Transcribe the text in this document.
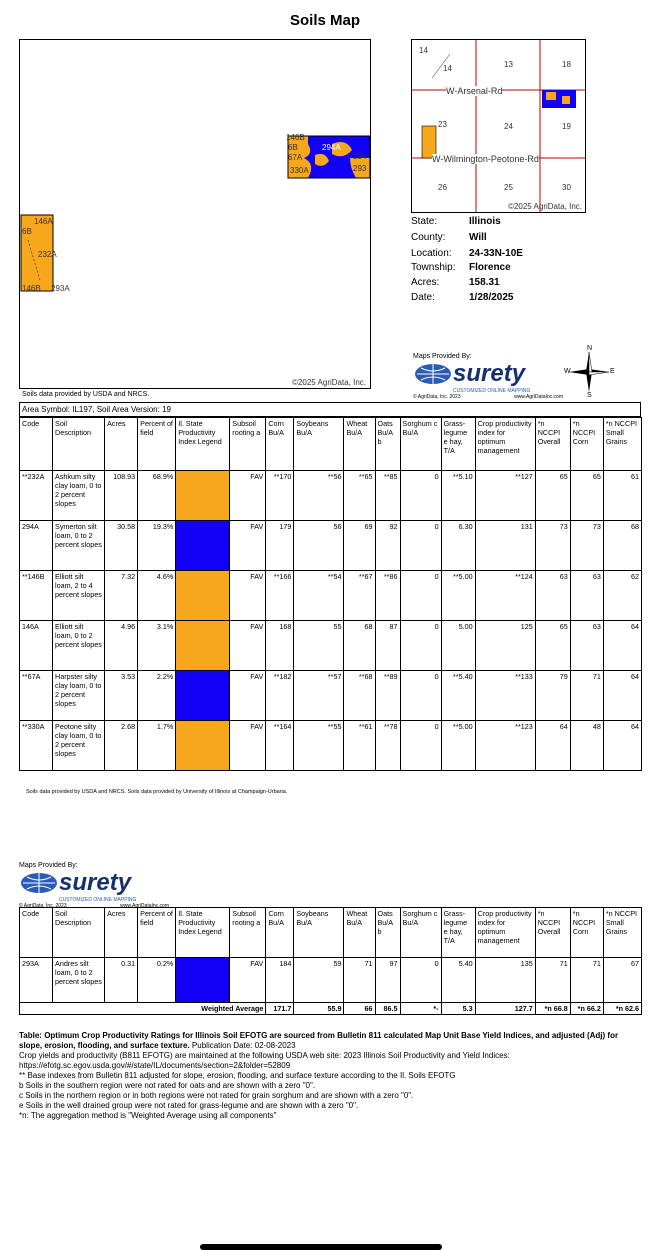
Soils Map
146B
6B
67A
330A
294A
294
293
146A
6B
232A
146B 293A
©2025 AgriData, Inc.
Soils data provided by USDA and NRCS.
14
14	13	18
23	24	19
26	25	30
W-Arsenal-Rd
W-Wilmington-Peotone-Rd
©2025 AgriData, Inc.
State:	Illinois
County: Will
Location: 24-33N-10E
Township: Florence
Acres:	158.31
Date:	1/28/2025
Maps Provided By:
surety
CUSTOMIZED ONLINE MAPPING
© AgriData, Inc. 2023	www.AgriDataInc.com
N
S
E
W
Area Symbol: IL197, Soil Area Version: 19
Code	Soil Description	Acres	Percent of field	Il. State Productivity Index Legend	Subsoil rooting a	Corn Bu/A	Soybeans Bu/A	Wheat Bu/A	Oats Bu/A b	Sorghum c Bu/A	Grass-legume e hay, T/A	Crop productivity index for optimum management	*n NCCPI Overall	*n NCCPI Corn	*n NCCPI Small Grains
**232A	Ashkum silty clay loam, 0 to 2 percent slopes	108.93	68.9%		FAV	**170	**56	**65	**85	0	**5.10	**127	65	65	61
294A	Symerton silt loam, 0 to 2 percent slopes	30.58	19.3%		FAV	179	56	69	92	0	6.30	131	73	73	68
**146B	Elliott silt loam, 2 to 4 percent slopes	7.32	4.6%		FAV	**166	**54	**67	**86	0	**5.00	**124	63	63	62
146A	Elliott silt loam, 0 to 2 percent slopes	4.96	3.1%		FAV	168	55	68	87	0	5.00	125	65	63	64
**67A	Harpster silty clay loam, 0 to 2 percent slopes	3.53	2.2%		FAV	**182	**57	**68	**89	0	**5.40	**133	79	71	64
**330A	Peotone silty clay loam, 0 to 2 percent slopes	2.68	1.7%		FAV	**164	**55	**61	**78	0	**5.00	**123	64	48	64
Soils data provided by USDA and NRCS. Soils data provided by University of Illinois at Champaign-Urbana.
Maps Provided By:
surety
CUSTOMIZED ONLINE MAPPING
© AgriData, Inc. 2023	www.AgriDataInc.com
Code	Soil Description	Acres	Percent of field	Il. State Productivity Index Legend	Subsoil rooting a	Corn Bu/A	Soybeans Bu/A	Wheat Bu/A	Oats Bu/A b	Sorghum c Bu/A	Grass-legume e hay, T/A	Crop productivity index for optimum management	*n NCCPI Overall	*n NCCPI Corn	*n NCCPI Small Grains
293A	Andres silt loam, 0 to 2 percent slopes	0.31	0.2%		FAV	184	59	71	97	0	5.40	135	71	71	67
Weighted Average						171.7	55.9	66	86.5	*-	5.3	127.7	*n 66.8	*n 66.2	*n 62.6
Table: Optimum Crop Productivity Ratings for Illinois Soil EFOTG are sourced from Bulletin 811 calculated Map Unit Base Yield Indices, and adjusted (Adj) for slope, erosion, flooding, and surface texture. Publication Date: 02-08-2023
Crop yields and productivity (B811 EFOTG) are maintained at the following USDA web site: 2023 Illinois Soil Productivity and Yield Indices:
https://efotg.sc.egov.usda.gov/#/state/IL/documents/section=2&folder=52809
** Base indexes from Bulletin 811 adjusted for slope, erosion, flooding, and surface texture according to the Il. Soils EFOTG
b Soils in the southern region were not rated for oats and are shown with a zero "0".
c Soils in the northern region or in both regions were not rated for grain sorghum and are shown with a zero "0".
e Soils in the well drained group were not rated for grass-legume and are shown with a zero "0".
*n: The aggregation method is "Weighted Average using all components"
